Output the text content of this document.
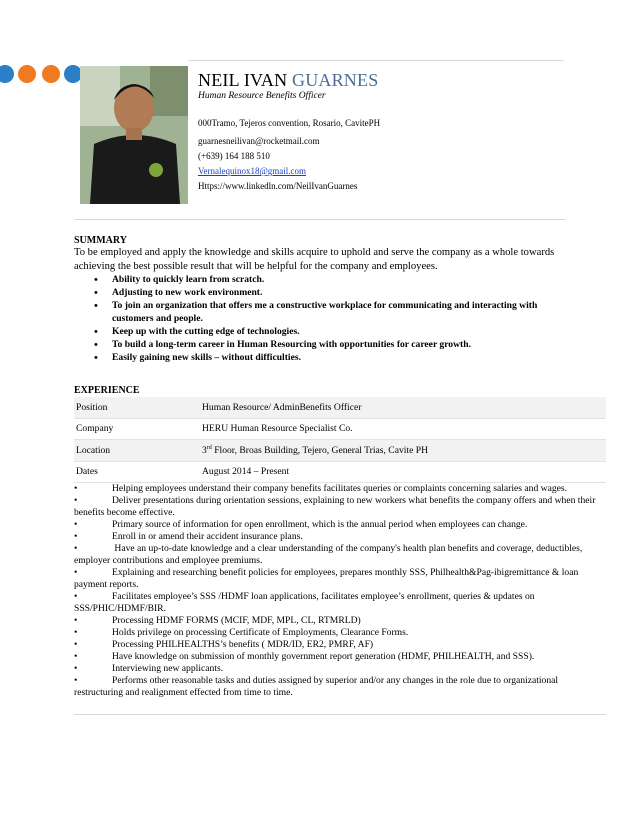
NEIL IVAN GUARNES
Human Resource Benefits Officer
000Tramo, Tejeros convention, Rosario, CavitePH
guarnesneilivan@rocketmail.com
(+639) 164 188 510
Vernalequinox18@gmail.com
Https://www.linkedln.com/NeilIvanGuarnes
SUMMARY
To be employed and apply the knowledge and skills acquire to uphold and serve the company as a whole towards achieving the best possible result that will be helpful for the company and employees.
• Ability to quickly learn from scratch.
• Adjusting to new work environment.
• To join an organization that offers me a constructive workplace for communicating and interacting with customers and people.
• Keep up with the cutting edge of technologies.
• To build a long-term career in Human Resourcing with opportunities for career growth.
• Easily gaining new skills – without difficulties.
EXPERIENCE
Position	Human Resource/ AdminBenefits Officer
Company	HERU Human Resource Specialist Co.
Location	3rd Floor, Broas Building, Tejero, General Trias, Cavite PH
Dates	August 2014 – Present
•	Helping employees understand their company benefits facilitates queries or complaints concerning salaries and wages.
•	Deliver presentations during orientation sessions, explaining to new workers what benefits the company offers and when their benefits become effective.
•	Primary source of information for open enrollment, which is the annual period when employees can change.
•	Enroll in or amend their accident insurance plans.
•	Have an up-to-date knowledge and a clear understanding of the company's health plan benefits and coverage, deductibles, employer contributions and employee premiums.
•	Explaining and researching benefit policies for employees, prepares monthly SSS, Philhealth&Pag-ibigremittance & loan payment reports.
•	Facilitates employee’s SSS /HDMF loan applications, facilitates employee’s enrollment, queries & updates on SSS/PHIC/HDMF/BIR.
•	Processing HDMF FORMS (MCIF, MDF, MPL, CL, RTMRLD)
•	Holds privilege on processing Certificate of Employments, Clearance Forms.
•	Processing PHILHEALTHS’s benefits ( MDR/ID, ER2, PMRF, AF)
•	Have knowledge on submission of monthly government report generation (HDMF, PHILHEALTH, and SSS).
•	Interviewing new applicants.
•	Performs other reasonable tasks and duties assigned by superior and/or any changes in the role due to organizational restructuring and realignment effected from time to time.
